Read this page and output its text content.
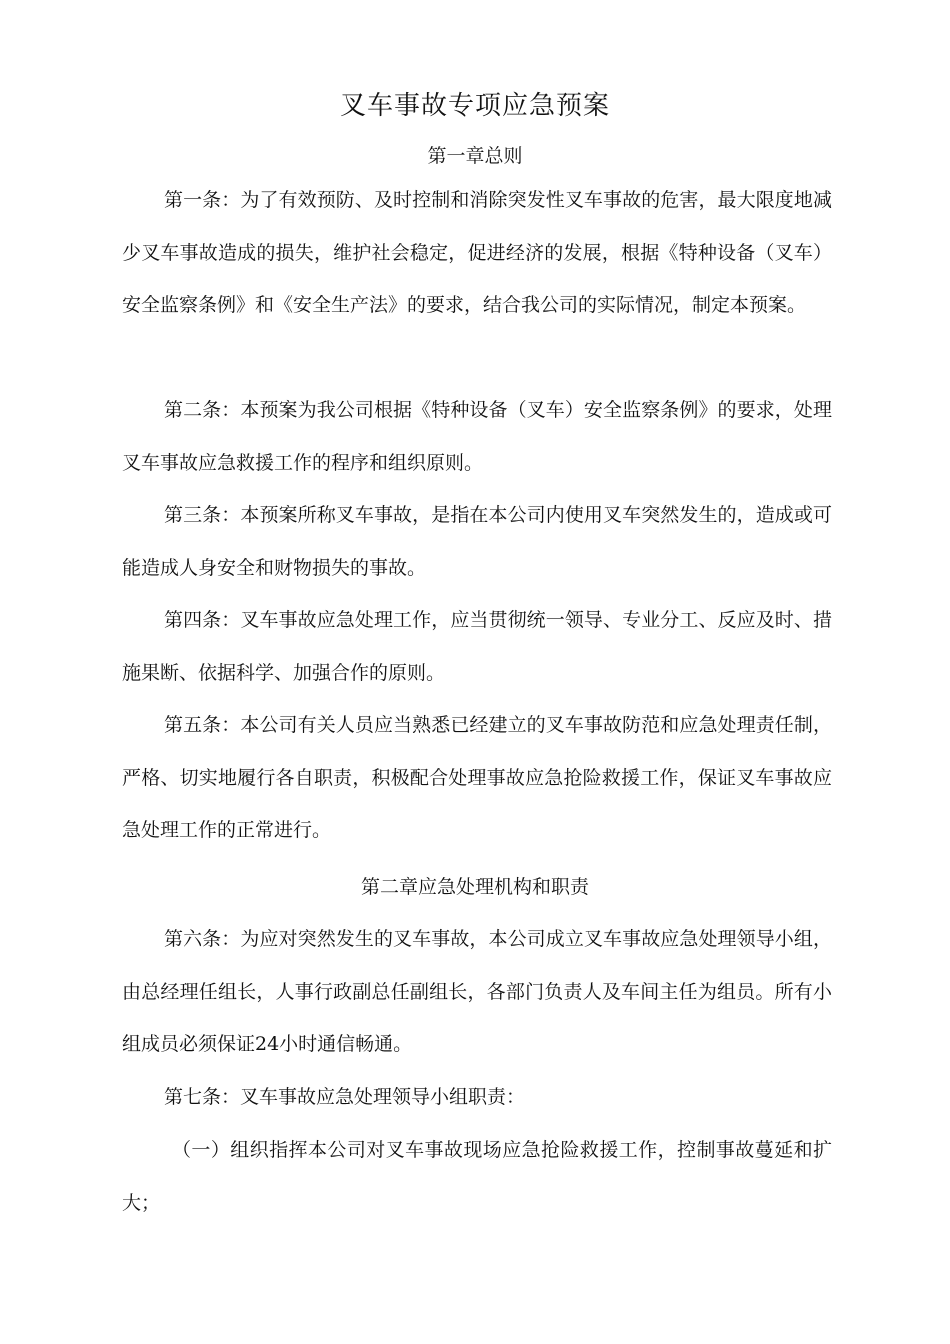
叉车事故专项应急预案
第一章总则

第一条：为了有效预防、及时控制和消除突发性叉车事故的危害，最大限度地减少叉车事故造成的损失，维护社会稳定，促进经济的发展，根据《特种设备（叉车）安全监察条例》和《安全生产法》的要求，结合我公司的实际情况，制定本预案。

第二条：本预案为我公司根据《特种设备（叉车）安全监察条例》的要求，处理叉车事故应急救援工作的程序和组织原则。

第三条：本预案所称叉车事故，是指在本公司内使用叉车突然发生的，造成或可能造成人身安全和财物损失的事故。

第四条：叉车事故应急处理工作，应当贯彻统一领导、专业分工、反应及时、措施果断、依据科学、加强合作的原则。

第五条：本公司有关人员应当熟悉已经建立的叉车事故防范和应急处理责任制，严格、切实地履行各自职责，积极配合处理事故应急抢险救援工作，保证叉车事故应急处理工作的正常进行。

第二章应急处理机构和职责

第六条：为应对突然发生的叉车事故，本公司成立叉车事故应急处理领导小组，由总经理任组长，人事行政副总任副组长，各部门负责人及车间主任为组员。所有小组成员必须保证24小时通信畅通。

第七条：叉车事故应急处理领导小组职责：

（一）组织指挥本公司对叉车事故现场应急抢险救援工作，控制事故蔓延和扩大；
